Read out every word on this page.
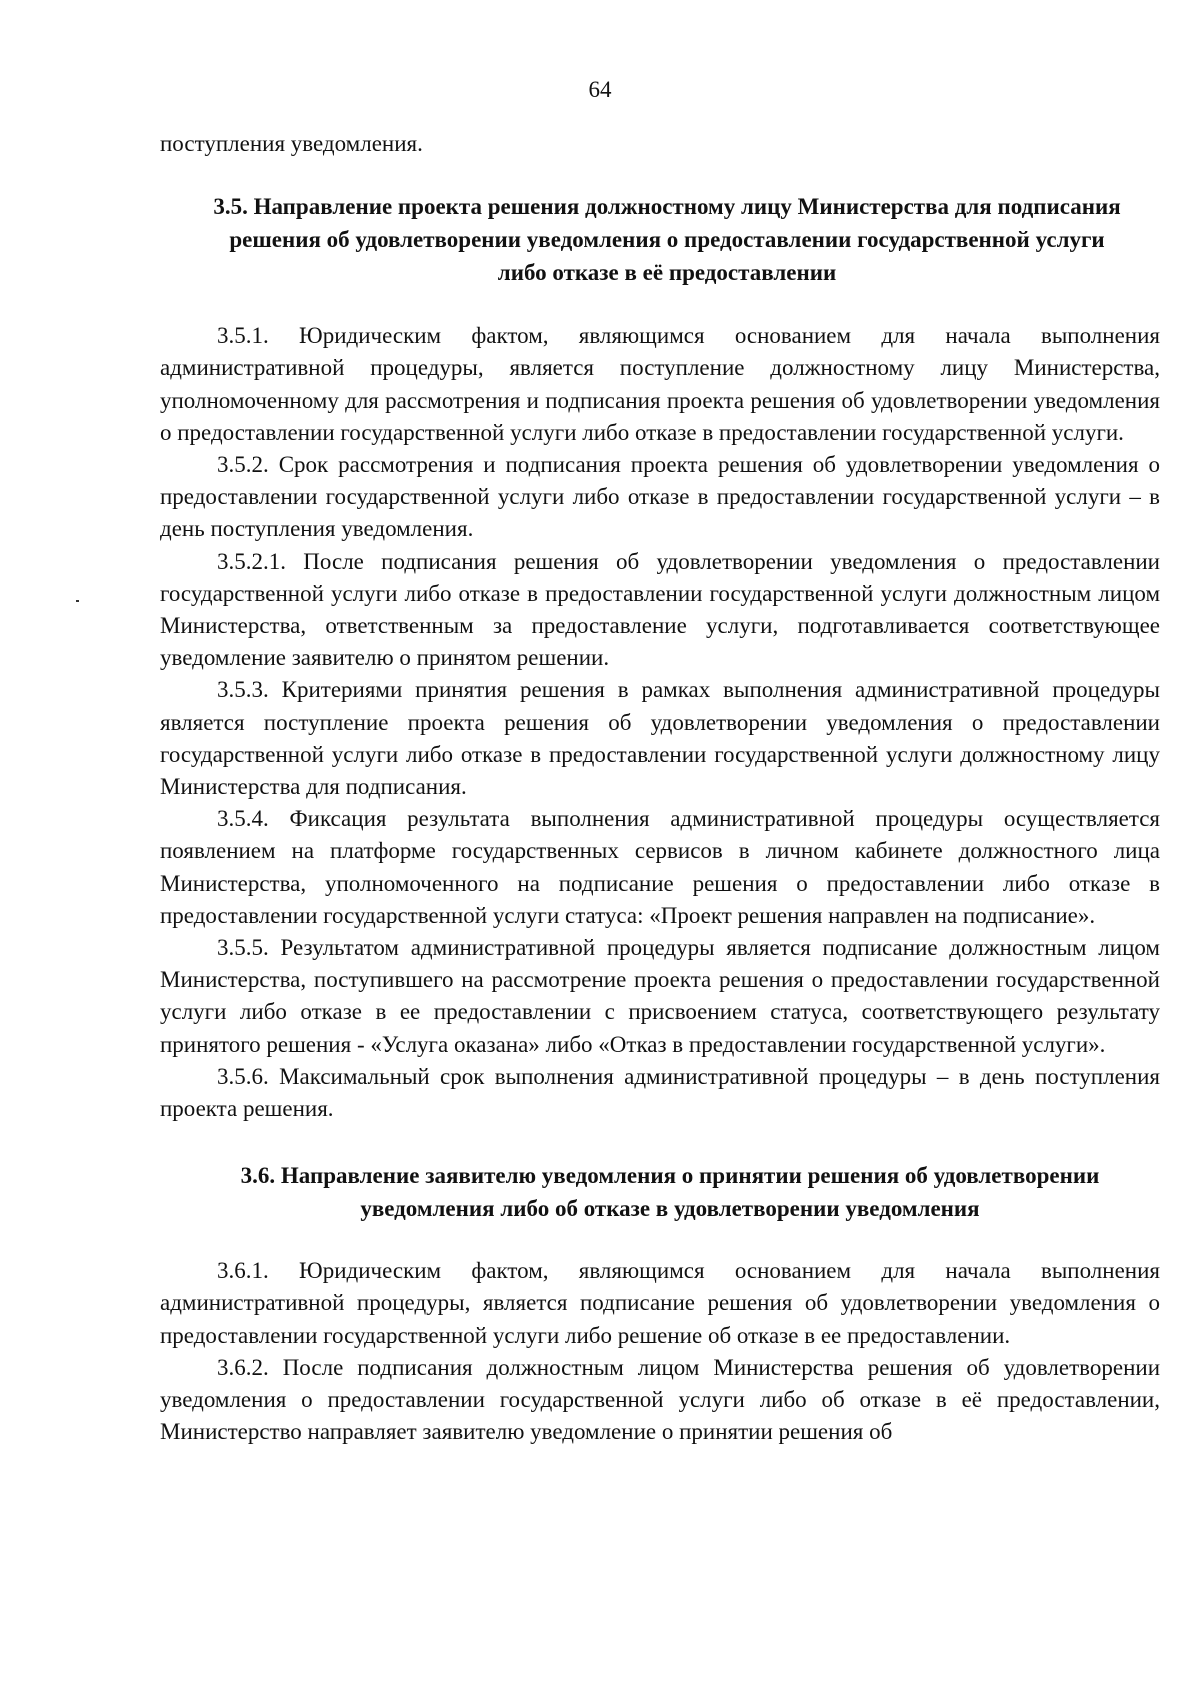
64

поступления уведомления.

3.5. Направление проекта решения должностному лицу Министерства для подписания решения об удовлетворении уведомления о предоставлении государственной услуги либо отказе в её предоставлении

3.5.1. Юридическим фактом, являющимся основанием для начала выполнения административной процедуры, является поступление должностному лицу Министерства, уполномоченному для рассмотрения и подписания проекта решения об удовлетворении уведомления о предоставлении государственной услуги либо отказе в предоставлении государственной услуги.

3.5.2. Срок рассмотрения и подписания проекта решения об удовлетворении уведомления о предоставлении государственной услуги либо отказе в предоставлении государственной услуги – в день поступления уведомления.

3.5.2.1. После подписания решения об удовлетворении уведомления о предоставлении государственной услуги либо отказе в предоставлении государственной услуги должностным лицом Министерства, ответственным за предоставление услуги, подготавливается соответствующее уведомление заявителю о принятом решении.

3.5.3. Критериями принятия решения в рамках выполнения административной процедуры является поступление проекта решения об удовлетворении уведомления о предоставлении государственной услуги либо отказе в предоставлении государственной услуги должностному лицу Министерства для подписания.

3.5.4. Фиксация результата выполнения административной процедуры осуществляется появлением на платформе государственных сервисов в личном кабинете должностного лица Министерства, уполномоченного на подписание решения о предоставлении либо отказе в предоставлении государственной услуги статуса: «Проект решения направлен на подписание».

3.5.5. Результатом административной процедуры является подписание должностным лицом Министерства, поступившего на рассмотрение проекта решения о предоставлении государственной услуги либо отказе в ее предоставлении с присвоением статуса, соответствующего результату принятого решения - «Услуга оказана» либо «Отказ в предоставлении государственной услуги».

3.5.6. Максимальный срок выполнения административной процедуры – в день поступления проекта решения.

3.6. Направление заявителю уведомления о принятии решения об удовлетворении уведомления либо об отказе в удовлетворении уведомления

3.6.1. Юридическим фактом, являющимся основанием для начала выполнения административной процедуры, является подписание решения об удовлетворении уведомления о предоставлении государственной услуги либо решение об отказе в ее предоставлении.

3.6.2. После подписания должностным лицом Министерства решения об удовлетворении уведомления о предоставлении государственной услуги либо об отказе в её предоставлении, Министерство направляет заявителю уведомление о принятии решения об
